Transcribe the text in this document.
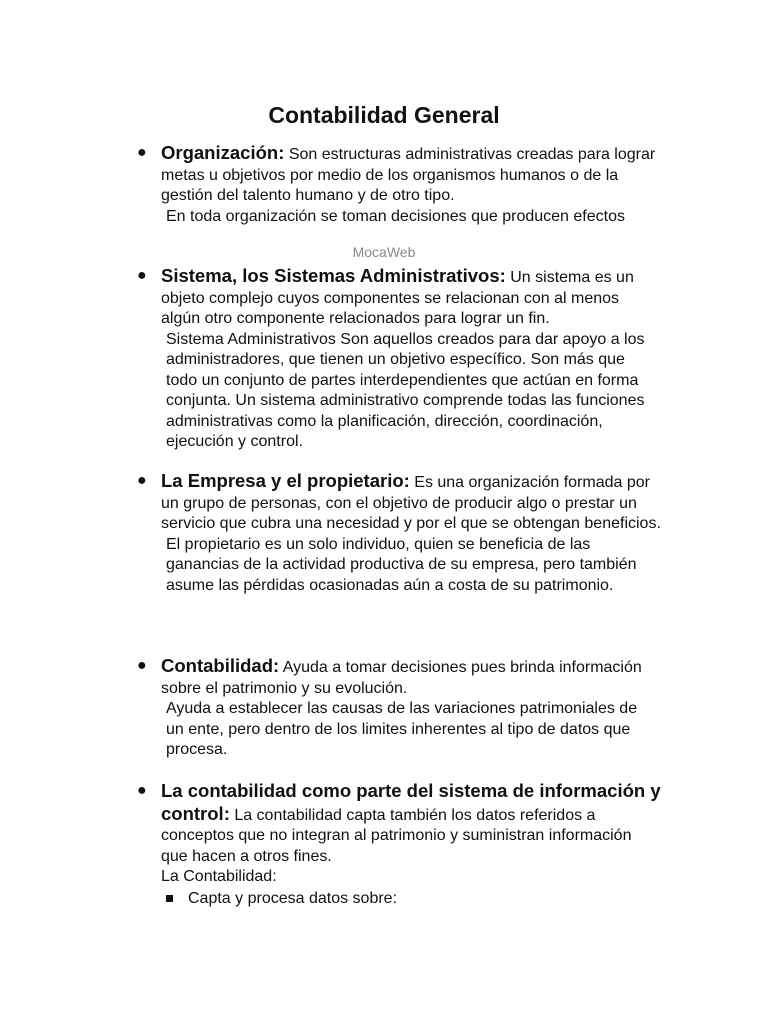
Contabilidad General
● Organización: Son estructuras administrativas creadas para lograr metas u objetivos por medio de los organismos humanos o de la gestión del talento humano y de otro tipo.
En toda organización se toman decisiones que producen efectos
MocaWeb
● Sistema, los Sistemas Administrativos: Un sistema es un objeto complejo cuyos componentes se relacionan con al menos algún otro componente relacionados para lograr un fin.
Sistema Administrativos Son aquellos creados para dar apoyo a los administradores, que tienen un objetivo específico. Son más que todo un conjunto de partes interdependientes que actúan en forma conjunta. Un sistema administrativo comprende todas las funciones administrativas como la planificación, dirección, coordinación, ejecución y control.
● La Empresa y el propietario: Es una organización formada por un grupo de personas, con el objetivo de producir algo o prestar un servicio que cubra una necesidad y por el que se obtengan beneficios.
El propietario es un solo individuo, quien se beneficia de las ganancias de la actividad productiva de su empresa, pero también asume las pérdidas ocasionadas aún a costa de su patrimonio.
● Contabilidad: Ayuda a tomar decisiones pues brinda información sobre el patrimonio y su evolución.
Ayuda a establecer las causas de las variaciones patrimoniales de un ente, pero dentro de los limites inherentes al tipo de datos que procesa.
● La contabilidad como parte del sistema de información y control: La contabilidad capta también los datos referidos a conceptos que no integran al patrimonio y suministran información que hacen a otros fines.
La Contabilidad:
Capta y procesa datos sobre:
